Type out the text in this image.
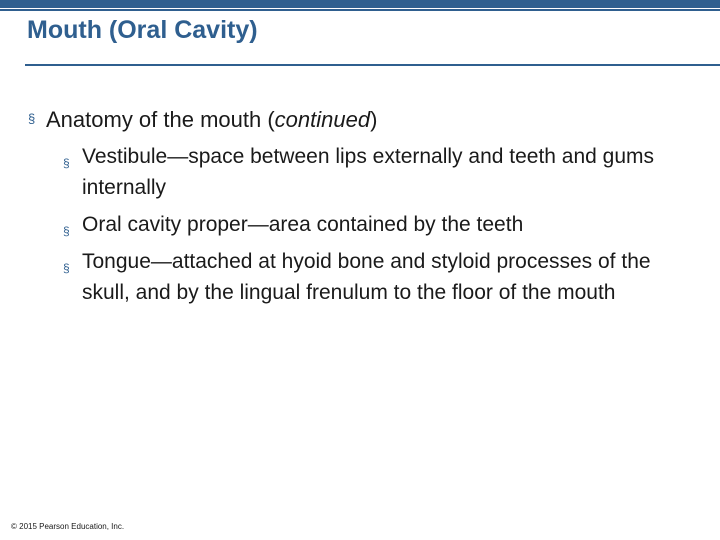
Mouth (Oral Cavity)

§ Anatomy of the mouth (continued)

§ Vestibule—space between lips externally and teeth and gums internally
§ Oral cavity proper—area contained by the teeth
§ Tongue—attached at hyoid bone and styloid processes of the skull, and by the lingual frenulum to the floor of the mouth
© 2015 Pearson Education, Inc.
